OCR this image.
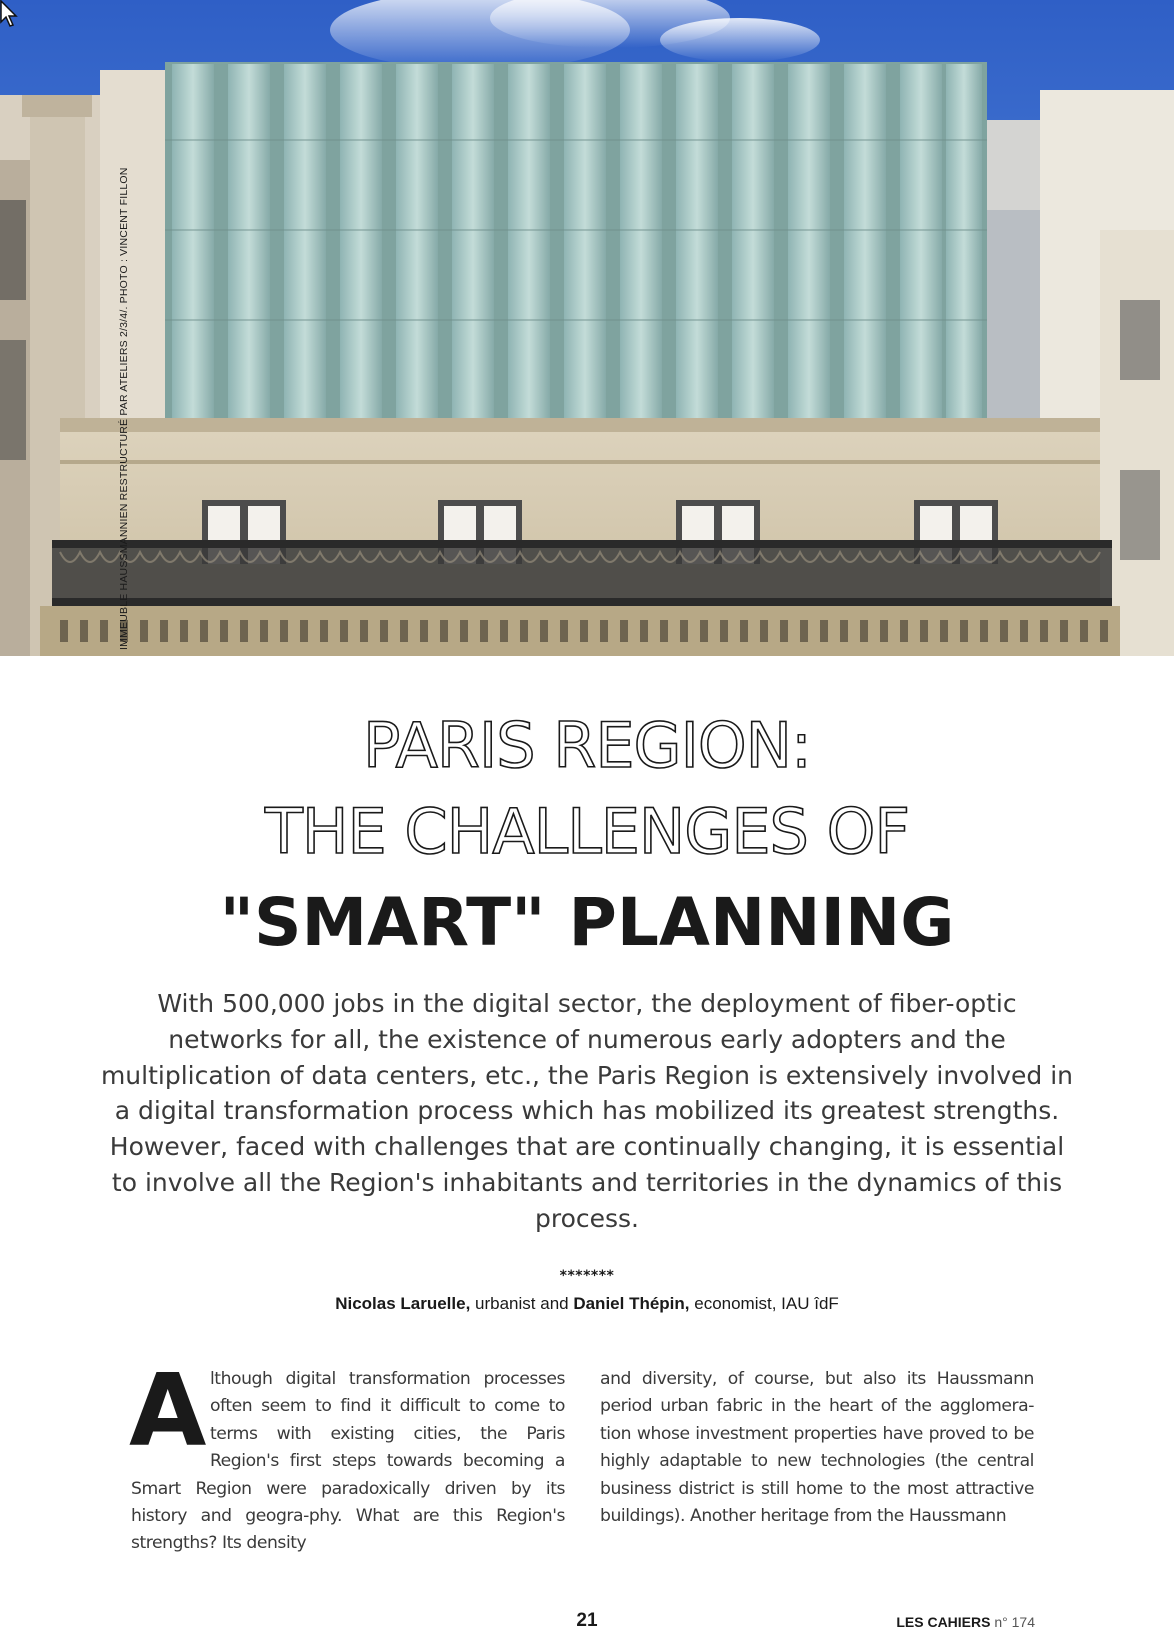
IMMEUBLE HAUSSMANNIEN RESTRUCTURÉ PAR ATELIERS 2/3/4/. PHOTO : VINCENT FILLON
PARIS REGION:
THE CHALLENGES OF
"SMART" PLANNING
With 500,000 jobs in the digital sector, the deployment of fiber-optic networks for all, the existence of numerous early adopters and the multiplication of data centers, etc., the Paris Region is extensively involved in a digital transformation process which has mobilized its greatest strengths. However, faced with challenges that are continually changing, it is essential to involve all the Region's inhabitants and territories in the dynamics of this process.
*******
Nicolas Laruelle, urbanist and Daniel Thépin, economist, IAU îdF
Although digital transformation processes often seem to find it difficult to come to terms with existing cities, the Paris Region's first steps towards becoming a Smart Region were paradoxically driven by its history and geogra-phy. What are this Region's strengths? Its density
and diversity, of course, but also its Haussmann period urban fabric in the heart of the agglomera-tion whose investment properties have proved to be highly adaptable to new technologies (the central business district is still home to the most attractive buildings). Another heritage from the Haussmann
21	LES CAHIERS n° 174
